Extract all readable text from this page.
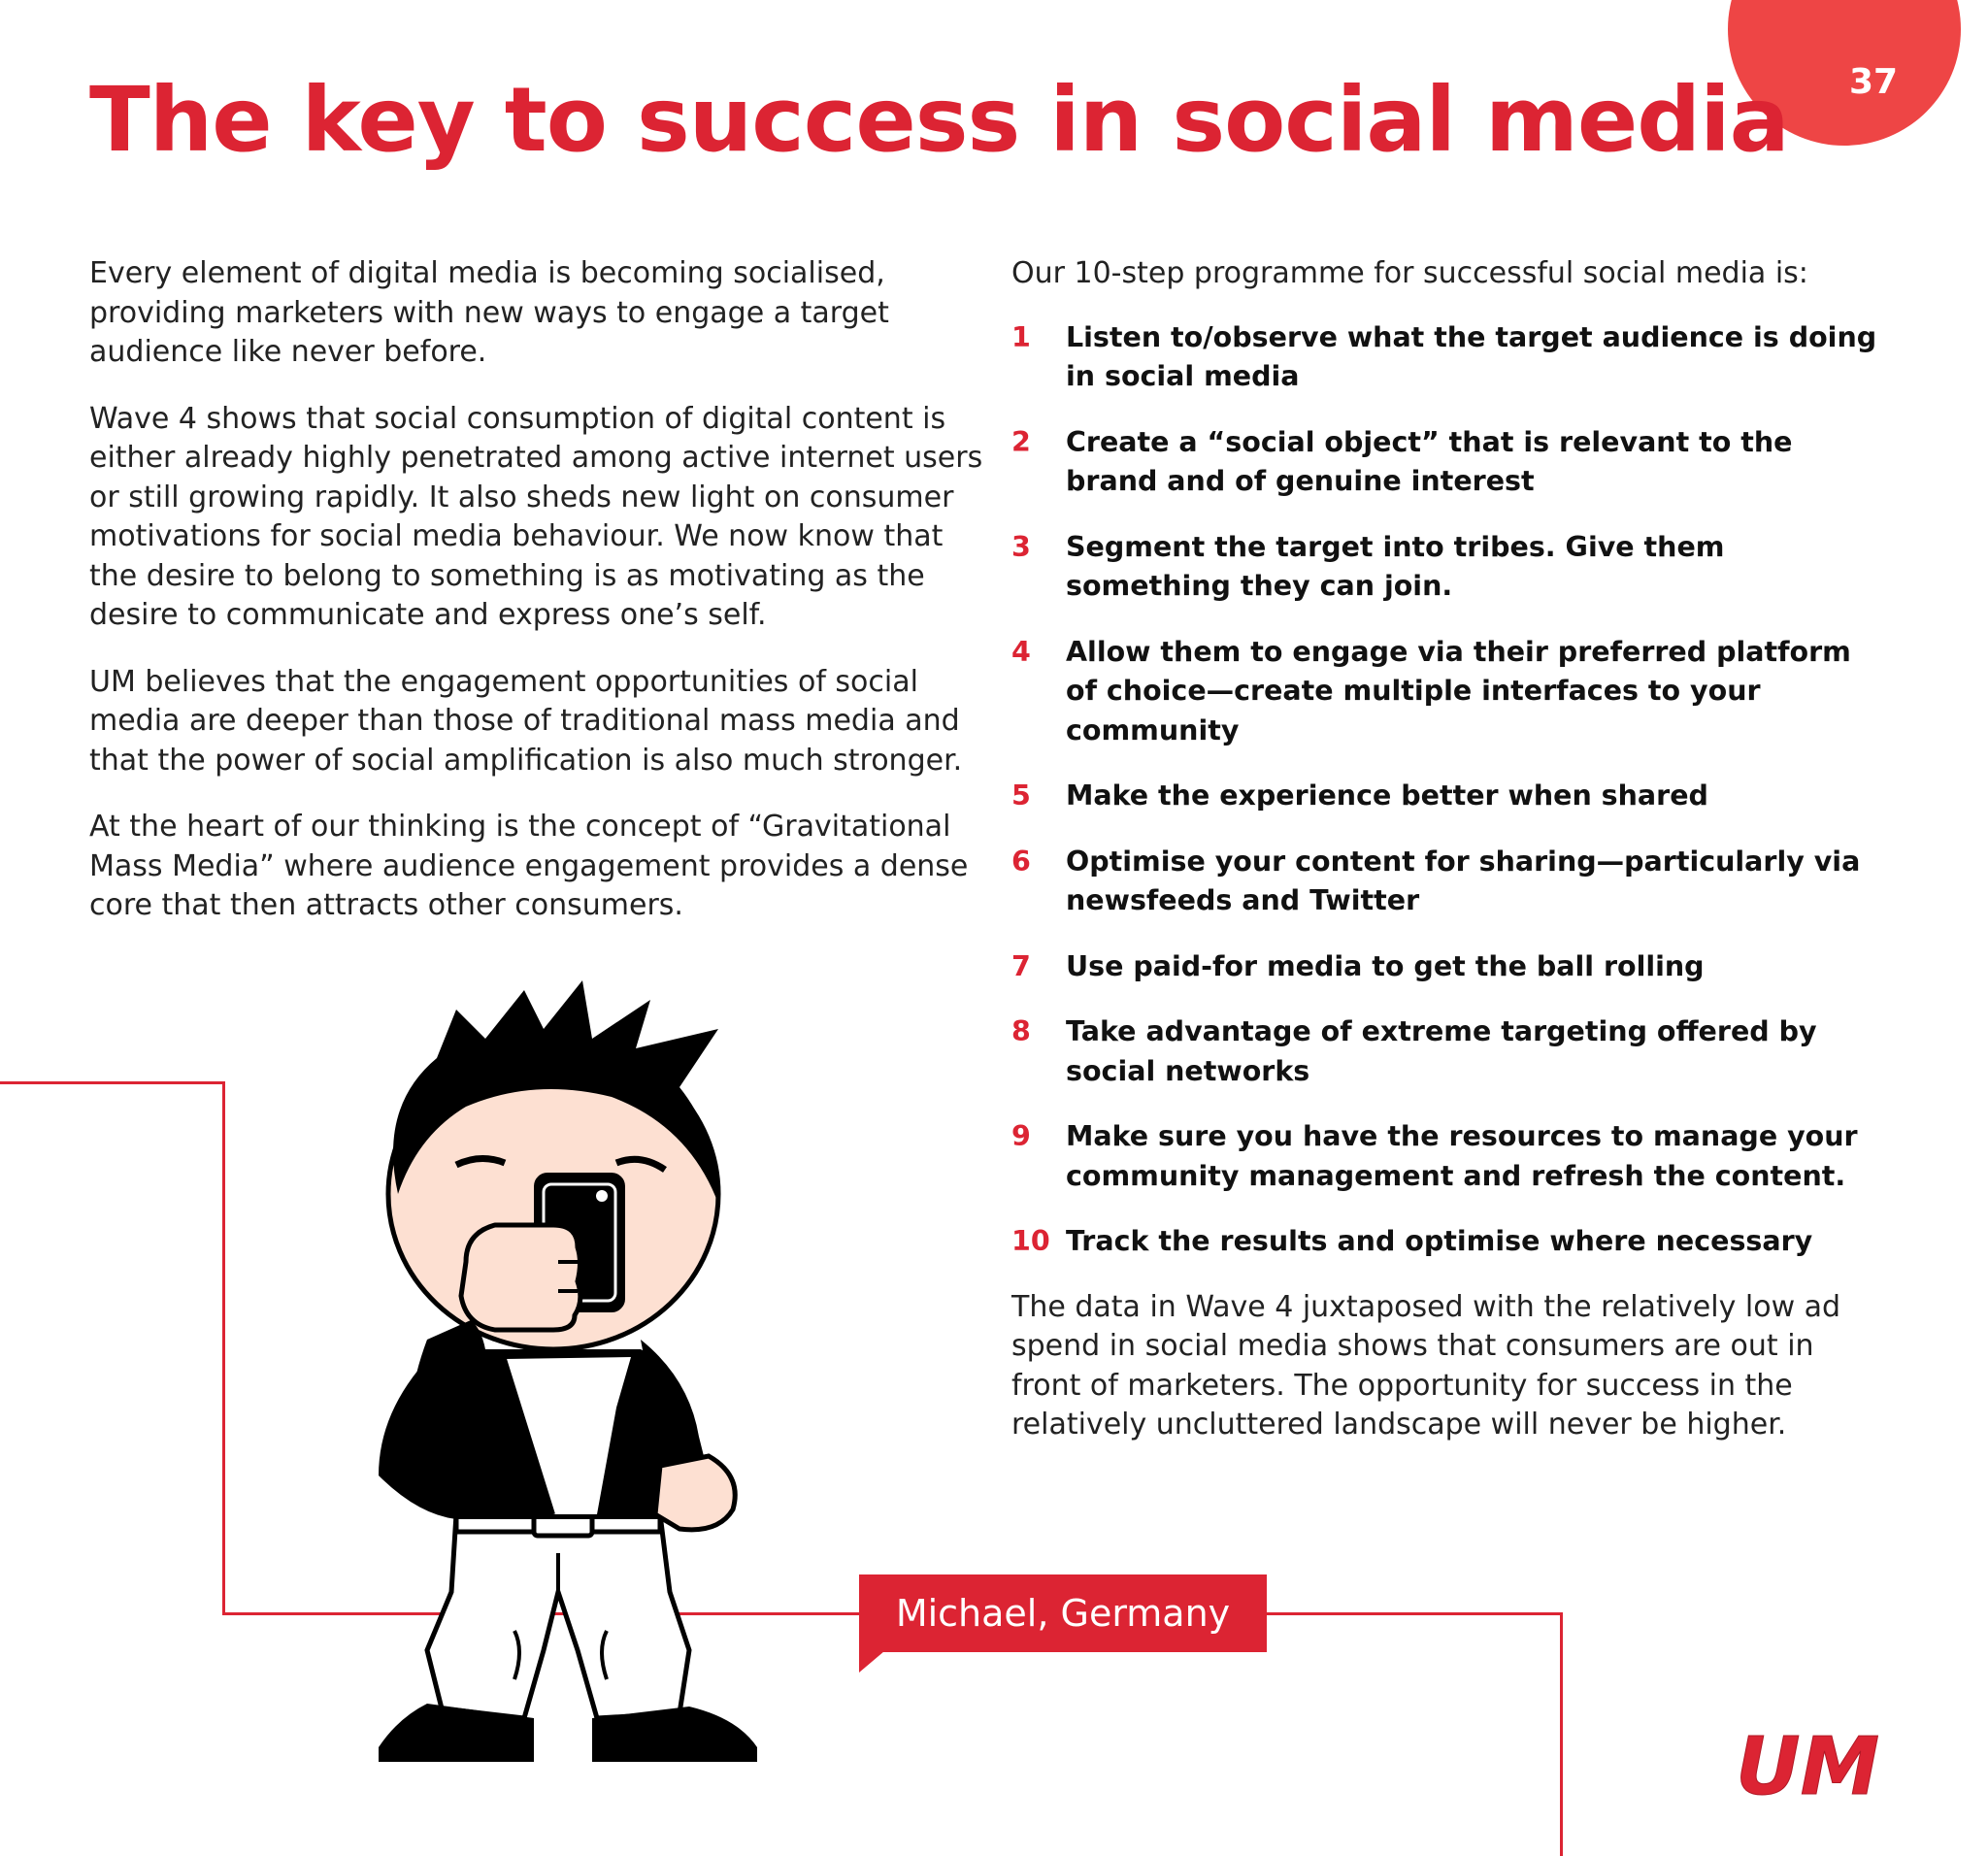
37
The key to success in social media

Every element of digital media is becoming socialised, providing marketers with new ways to engage a target audience like never before.

Wave 4 shows that social consumption of digital content is either already highly penetrated among active internet users or still growing rapidly. It also sheds new light on consumer motivations for social media behaviour. We now know that the desire to belong to something is as motivating as the desire to communicate and express one’s self.

UM believes that the engagement opportunities of social media are deeper than those of traditional mass media and that the power of social amplification is also much stronger.

At the heart of our thinking is the concept of “Gravitational Mass Media” where audience engagement provides a dense core that then attracts other consumers.

Our 10-step programme for successful social media is:

1	Listen to/observe what the target audience is doing in social media
2	Create a “social object” that is relevant to the brand and of genuine interest
3	Segment the target into tribes. Give them something they can join.
4	Allow them to engage via their preferred platform of choice—create multiple interfaces to your community
5	Make the experience better when shared
6	Optimise your content for sharing—particularly via newsfeeds and Twitter
7	Use paid-for media to get the ball rolling
8	Take advantage of extreme targeting offered by social networks
9	Make sure you have the resources to manage your community management and refresh the content.
10 Track the results and optimise where necessary

The data in Wave 4 juxtaposed with the relatively low ad spend in social media shows that consumers are out in front of marketers. The opportunity for success in the relatively uncluttered landscape will never be higher.

Michael, Germany
UM
